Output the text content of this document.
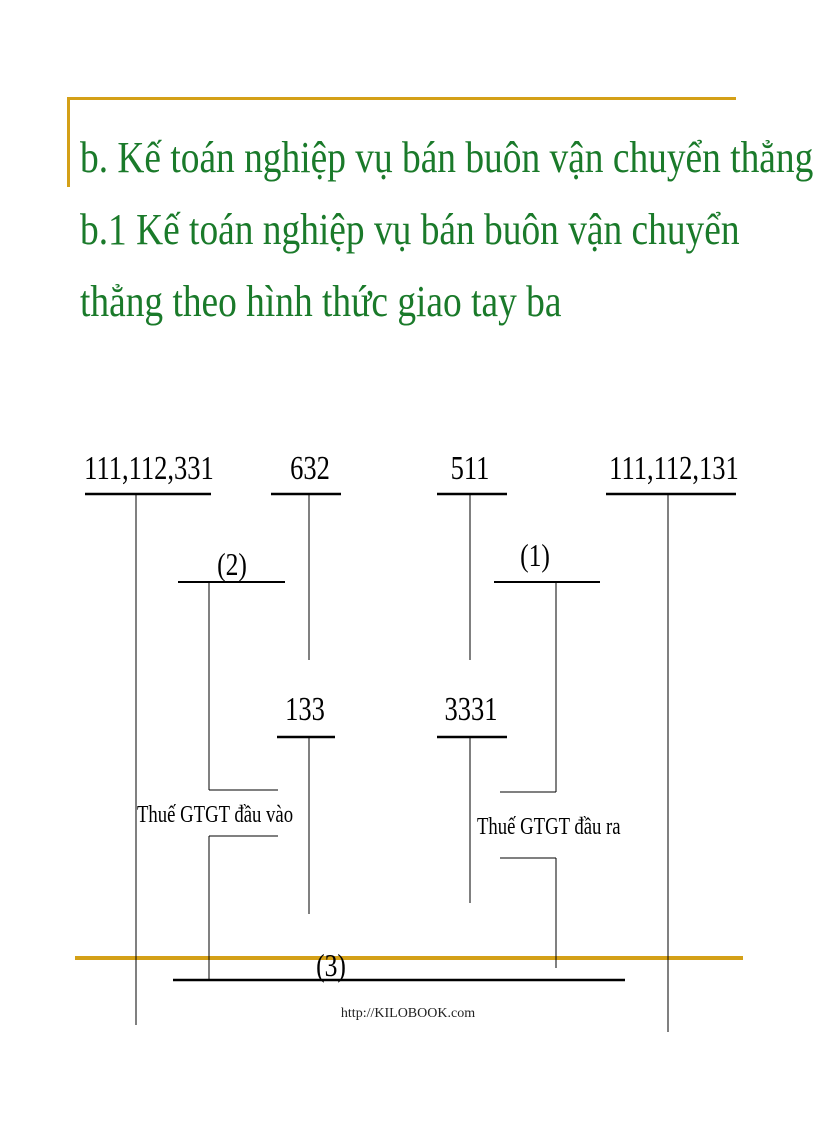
b. Kế toán nghiệp vụ bán buôn vận chuyển thẳng
b.1 Kế toán nghiệp vụ bán buôn vận chuyển
thẳng theo hình thức giao tay ba
111,112,331 632	511	111,112,131
133	3331
(2)	(1)
Thuế GTGT đầu vào	Thuế GTGT đầu ra
(3)
http://KILOBOOK.com
